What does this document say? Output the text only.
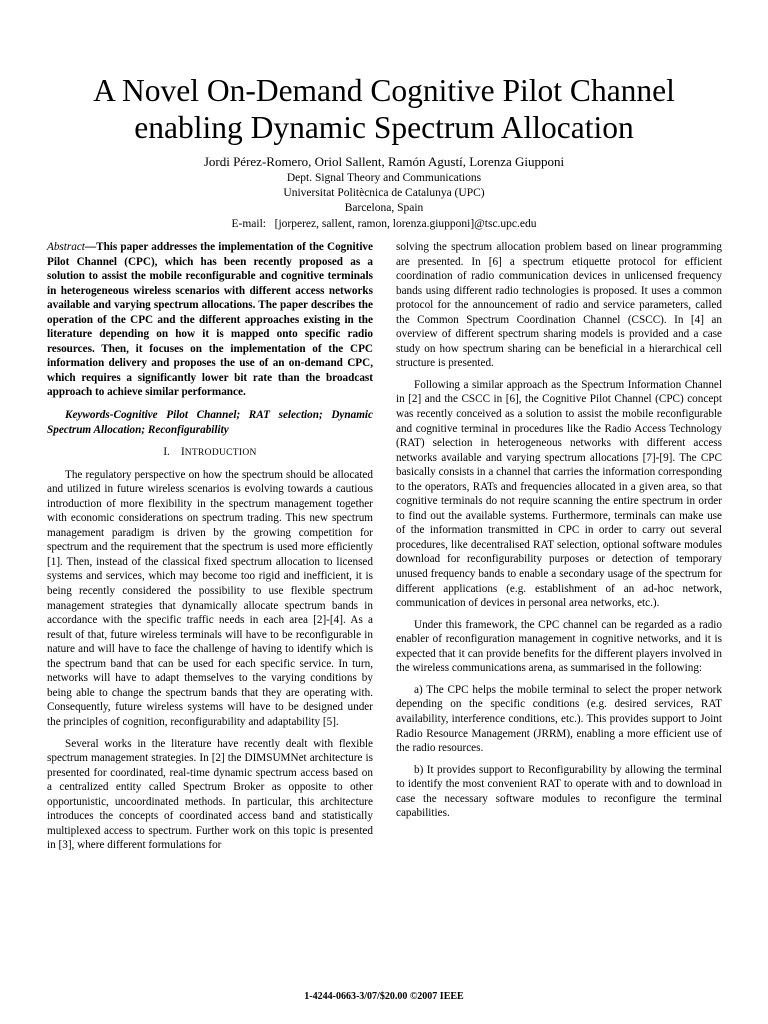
A Novel On-Demand Cognitive Pilot Channel
enabling Dynamic Spectrum Allocation
Jordi Pérez-Romero, Oriol Sallent, Ramón Agustí, Lorenza Giupponi
Dept. Signal Theory and Communications
Universitat Politècnica de Catalunya (UPC)
Barcelona, Spain
E-mail: [jorperez, sallent, ramon, lorenza.giupponi]@tsc.upc.edu

Abstract—This paper addresses the implementation of the Cognitive Pilot Channel (CPC), which has been recently proposed as a solution to assist the mobile reconfigurable and cognitive terminals in heterogeneous wireless scenarios with different access networks available and varying spectrum allocations. The paper describes the operation of the CPC and the different approaches existing in the literature depending on how it is mapped onto specific radio resources. Then, it focuses on the implementation of the CPC information delivery and proposes the use of an on-demand CPC, which requires a significantly lower bit rate than the broadcast approach to achieve similar performance.

Keywords-Cognitive Pilot Channel; RAT selection; Dynamic Spectrum Allocation; Reconfigurability

I. INTRODUCTION

The regulatory perspective on how the spectrum should be allocated and utilized in future wireless scenarios is evolving towards a cautious introduction of more flexibility in the spectrum management together with economic considerations on spectrum trading. This new spectrum management paradigm is driven by the growing competition for spectrum and the requirement that the spectrum is used more efficiently [1]. Then, instead of the classical fixed spectrum allocation to licensed systems and services, which may become too rigid and inefficient, it is being recently considered the possibility to use flexible spectrum management strategies that dynamically allocate spectrum bands in accordance with the specific traffic needs in each area [2]-[4]. As a result of that, future wireless terminals will have to be reconfigurable in nature and will have to face the challenge of having to identify which is the spectrum band that can be used for each specific service. In turn, networks will have to adapt themselves to the varying conditions by being able to change the spectrum bands that they are operating with. Consequently, future wireless systems will have to be designed under the principles of cognition, reconfigurability and adaptability [5].

Several works in the literature have recently dealt with flexible spectrum management strategies. In [2] the DIMSUMNet architecture is presented for coordinated, real-time dynamic spectrum access based on a centralized entity called Spectrum Broker as opposite to other opportunistic, uncoordinated methods. In particular, this architecture introduces the concepts of coordinated access band and statistically multiplexed access to spectrum. Further work on this topic is presented in [3], where different formulations for

solving the spectrum allocation problem based on linear programming are presented. In [6] a spectrum etiquette protocol for efficient coordination of radio communication devices in unlicensed frequency bands using different radio technologies is proposed. It uses a common protocol for the announcement of radio and service parameters, called the Common Spectrum Coordination Channel (CSCC). In [4] an overview of different spectrum sharing models is provided and a case study on how spectrum sharing can be beneficial in a hierarchical cell structure is presented.

Following a similar approach as the Spectrum Information Channel in [2] and the CSCC in [6], the Cognitive Pilot Channel (CPC) concept was recently conceived as a solution to assist the mobile reconfigurable and cognitive terminal in procedures like the Radio Access Technology (RAT) selection in heterogeneous networks with different access networks available and varying spectrum allocations [7]-[9]. The CPC basically consists in a channel that carries the information corresponding to the operators, RATs and frequencies allocated in a given area, so that cognitive terminals do not require scanning the entire spectrum in order to find out the available systems. Furthermore, terminals can make use of the information transmitted in CPC in order to carry out several procedures, like decentralised RAT selection, optional software modules download for reconfigurability purposes or detection of temporary unused frequency bands to enable a secondary usage of the spectrum for different applications (e.g. establishment of an ad-hoc network, communication of devices in personal area networks, etc.).

Under this framework, the CPC channel can be regarded as a radio enabler of reconfiguration management in cognitive networks, and it is expected that it can provide benefits for the different players involved in the wireless communications arena, as summarised in the following:

a) The CPC helps the mobile terminal to select the proper network depending on the specific conditions (e.g. desired services, RAT availability, interference conditions, etc.). This provides support to Joint Radio Resource Management (JRRM), enabling a more efficient use of the radio resources.

b) It provides support to Reconfigurability by allowing the terminal to identify the most convenient RAT to operate with and to download in case the necessary software modules to reconfigure the terminal capabilities.

1-4244-0663-3/07/$20.00 ©2007 IEEE
